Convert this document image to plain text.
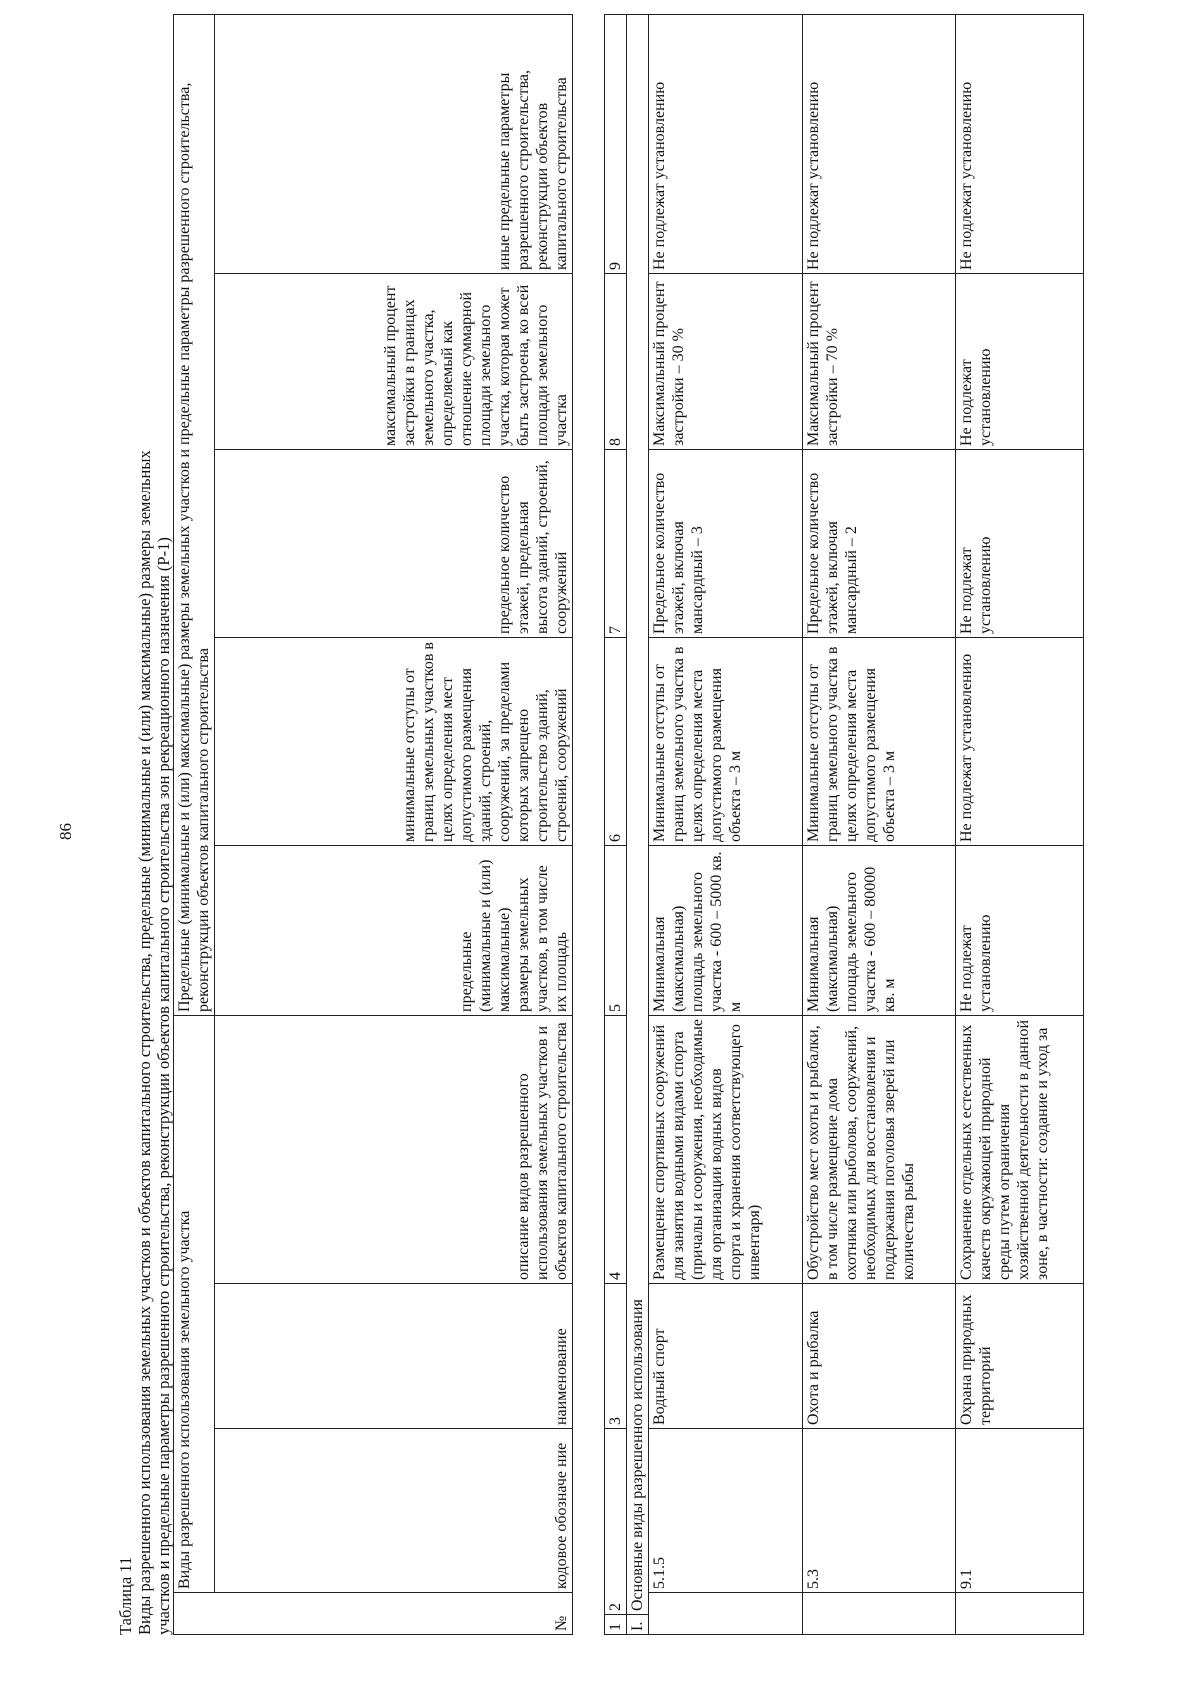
86
Таблица 11 Виды разрешенного использования земельных участков и объектов капитального строительства, предельные (минимальные и (или) максимальные) размеры земельных участков и предельные параметры разрешенного строительства, реконструкции объектов капитального строительства зон рекреационного назначения (Р-1)	№	Виды разрешенного использования земельного участка			Предельные (минимальные и (или) максимальные) размеры земельных участков и предельные параметры разрешенного строительства, реконструкции объектов капитального строительства				
	кодовое обозначе ние	наименование	описание видов разрешенного использования земельных участков и объектов капитального строительства	предельные (минимальные и (или) максимальные) размеры земельных участков, в том числе их площадь	минимальные отступы от границ земельных участков в целях определения мест допустимого размещения зданий, строений, сооружений, за пределами которых запрещено строительство зданий, строений, сооружений	предельное количество этажей, предельная высота зданий, строений, сооружений	максимальный процент застройки в границах земельного участка, определяемый как отношение суммарной площади земельного участка, которая может быть застроена, ко всей площади земельного участка	иные предельные параметры разрешенного строительства, реконструкции объектов капитального строительства
1	2		3	4	5	6	7	8	9
I.	Основные виды разрешенного использования								
		5.1.5	Водный спорт	Размещение спортивных сооружений для занятия водными видами спорта (причалы и сооружения, необходимые для организации водных видов спорта и хранения соответствующего инвентаря)	Минимальная (максимальная) площадь земельного участка - 600 – 5000 кв. м	Минимальные отступы от границ земельного участка в целях определения места допустимого размещения объекта – 3 м	Предельное количество этажей, включая мансардный – 3	Максимальный процент застройки – 30 %	Не подлежат установлению
		5.3	Охота и рыбалка	Обустройство мест охоты и рыбалки, в том числе размещение дома охотника или рыболова, сооружений, необходимых для восстановления и поддержания поголовья зверей или количества рыбы	Минимальная (максимальная) площадь земельного участка - 600 – 80000 кв. м	Минимальные отступы от границ земельного участка в целях определения места допустимого размещения объекта – 3 м	Предельное количество этажей, включая мансардный – 2	Максимальный процент застройки – 70 %	Не подлежат установлению
		9.1	Охрана природных территорий	Сохранение отдельных естественных качеств окружающей природной среды путем ограничения хозяйственной деятельности в данной зоне, в частности: создание и уход за	Не подлежат установлению	Не подлежат установлению	Не подлежат установлению	Не подлежат установлению	Не подлежат установлению
